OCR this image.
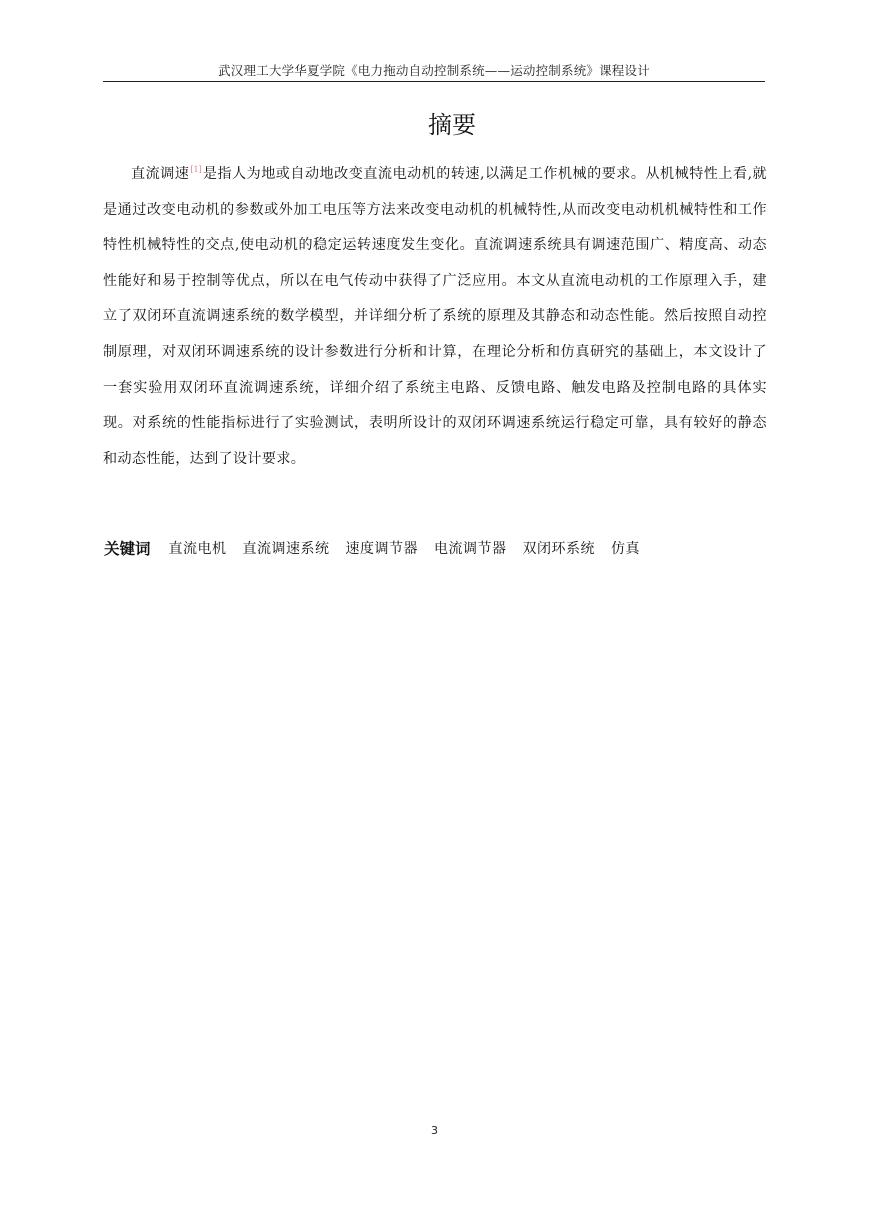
武汉理工大学华夏学院《电力拖动自动控制系统——运动控制系统》课程设计
摘要

直流调速[1]是指人为地或自动地改变直流电动机的转速,以满足工作机械的要求。从机械特性上看,就是通过改变电动机的参数或外加工电压等方法来改变电动机的机械特性,从而改变电动机机械特性和工作特性机械特性的交点,使电动机的稳定运转速度发生变化。直流调速系统具有调速范围广、精度高、动态性能好和易于控制等优点，所以在电气传动中获得了广泛应用。本文从直流电动机的工作原理入手，建立了双闭环直流调速系统的数学模型，并详细分析了系统的原理及其静态和动态性能。然后按照自动控制原理，对双闭环调速系统的设计参数进行分析和计算，在理论分析和仿真研究的基础上，本文设计了一套实验用双闭环直流调速系统，详细介绍了系统主电路、反馈电路、触发电路及控制电路的具体实现。对系统的性能指标进行了实验测试，表明所设计的双闭环调速系统运行稳定可靠，具有较好的静态和动态性能，达到了设计要求。

关键词 直流电机 直流调速系统 速度调节器 电流调节器 双闭环系统 仿真
3
